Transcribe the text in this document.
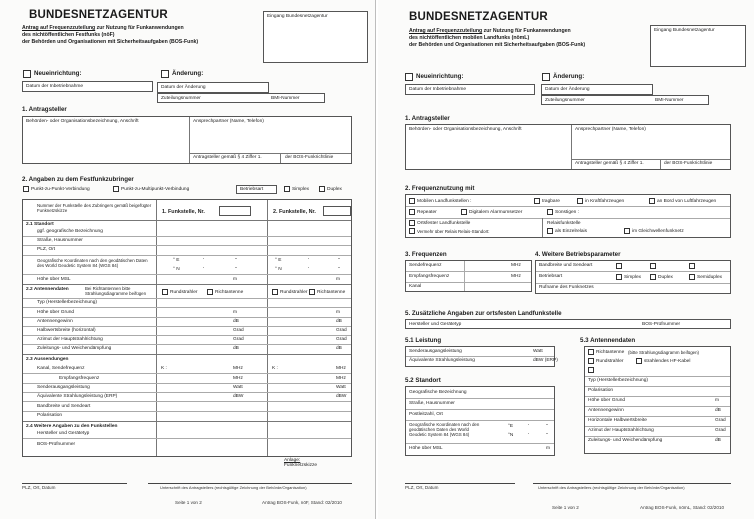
BUNDESNETZAGENTUR
Antrag auf Frequenzzuteilung zur Nutzung für Funkanwendungen
des nichtöffentlichen Festfunks (nöF)
der Behörden und Organisationen mit Sicherheitsaufgaben (BOS-Funk)
Eingang Bundesnetzagentur
Neueinrichtung:	Änderung:
Datum der Inbetriebnahme	Datum der Änderung
Zuteilungsnummer	BMI-Nummer
1. Antragsteller
Behörden- oder Organisationsbezeichnung, Anschrift	Ansprechpartner (Name, Telefon)
Antragsteller gemäß § 4 Ziffer 1.	der BOS-Funkrichtlinie
2. Angaben zu dem Festfunkzubringer
Punkt-zu-Punkt-Verbindung	Punkt-zu-Multipunkt-Verbindung	Betriebsart	Simplex	Duplex
Nummer der Funkstelle des Zubringers gemäß beigefügter Funknetzskizze	1. Funkstelle, Nr.	2. Funkstelle, Nr.
2.1 Standort
ggf. geografische Bezeichnung
Straße, Hausnummer
PLZ, Ort
Geografische Koordinaten nach den geodätischen Daten des World Geodetic System 84 (WGS 84)
° E	'	''
° N	'	''
° E	'	''
° N	'	''
Höhe über MSL	m	m
2.2 Antennendaten	Bei Richtantennen bitte Strahlungsdiagramme beifügen	Rundstrahler	Richtantenne	Rundstrahler Richtantenne
Typ (Herstellerbezeichnung)
Höhe über Grund	m	m
Antennengewinn	dB	dB
Halbwertsbreite (horizontal)	Grad	Grad
Azimut der Hauptstrahlrichtung	Grad	Grad
Zuleitungs- und Weichendämpfung	dB	dB
2.3 Aussendungen
Kanal, Sendefrequenz	K :	MHz	K :	MHz
Empfangsfrequenz	MHz	MHz
Senderausgangsleistung	Watt	Watt
Äquivalente Strahlungsleistung (ERP)	dBW	dBW
Bandbreite und Sendeart
Polarisation
2.4 Weitere Angaben zu den Funkstellen
Hersteller und Gerätetyp
BOS-Prüfnummer
Anlage:
Funknetzskizze
PLZ, Ort, Datum	Unterschrift des Antragstellers (rechtsgültige Zeichnung der Behörde/Organisation)
Seite 1 von 2	Antrag BOS-Funk, nöF, Stand: 02/2010
BUNDESNETZAGENTUR
Antrag auf Frequenzzuteilung zur Nutzung für Funkanwendungen
des nichtöffentlichen mobilen Landfunks (nömL)
der Behörden und Organisationen mit Sicherheitsaufgaben (BOS-Funk)
Eingang Bundesnetzagentur
Neueinrichtung:	Änderung:
Datum der Inbetriebnahme	Datum der Änderung
Zuteilungsnummer	BMI-Nummer
1. Antragsteller
Behörden- oder Organisationsbezeichnung, Anschrift	Ansprechpartner (Name, Telefon)
Antragsteller gemäß § 4 Ziffer 1.	der BOS-Funkrichtlinie
2. Frequenznutzung mit
Mobilen Landfunkstellen :	tragbare	in Kraftfahrzeugen	an Bord von Luftfahrzeugen
Repeater	Digitalem Alarmumsetzer	Sonstigen :
Ortsfester Landfunkstelle
Vermehr über Relais Relais-Standort:
Relaisfunkstelle
als Einzelrelais	im Gleichwellenfunknetz
3. Frequenzen
Sendefrequenz	MHz
Empfangsfrequenz	MHz
Kanal
4. Weitere Betriebsparameter
Bandbreite und Sendeart
Betriebsart	Simplex	Duplex	Semiduplex
Rufname des Funknetzes
5. Zusätzliche Angaben zur ortsfesten Landfunkstelle
Hersteller und Gerätetyp	BOS-Prüfnummer
5.1 Leistung
Senderausgangsleistung	Watt
Äquivalente Strahlungsleistung	dBW (ERP)
5.2 Standort
Geografische Bezeichnung
Straße, Hausnummer
Postleitzahl, Ort
Geografische Koordinaten nach den geodätischen Daten des World Geodetic System 84 (WGS 84)
°E	'	''
°N	'	''
Höhe über MSL	m
5.3 Antennendaten
Richtantenne (bitte Strahlungsdiagramm beifügen)
Rundstrahler	strahlendes HF-Kabel
Typ (Herstellerbezeichnung)
Polarisation
Höhe über Grund	m
Antennengewinn	dB
Horizontale Halbwertsbreite	Grad
Azimut der Hauptstrahlrichtung	Grad
Zuleitungs- und Weichendämpfung	dB
PLZ, Ort, Datum	Unterschrift des Antragstellers (rechtsgültige Zeichnung der Behörde/Organisation)
Seite 1 von 2	Antrag BOS-Funk, nömL, Stand: 02/2010
